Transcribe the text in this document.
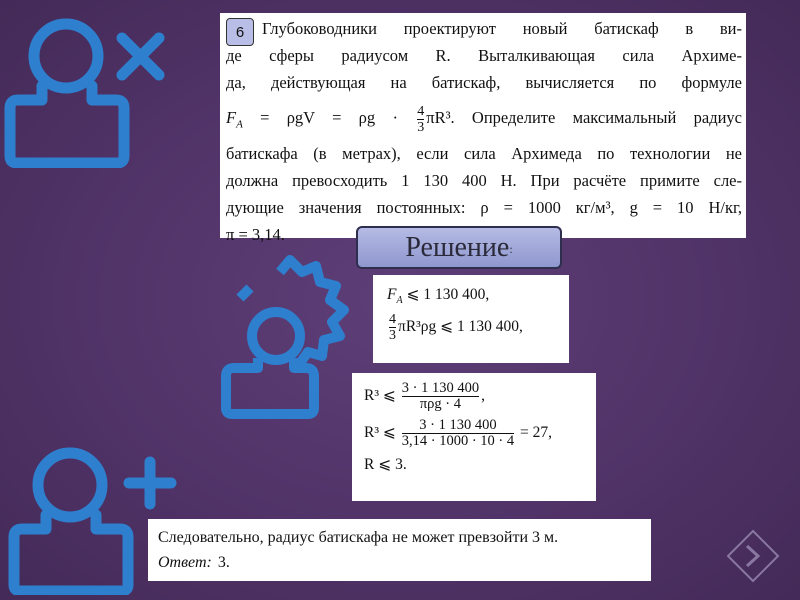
6	Глубоководники проектируют новый батискаф в ви-
де сферы радиусом R. Выталкивающая сила Архиме-
да, действующая на батискаф, вычисляется по формуле
$F_A = \rho gV = \rho g \cdot \frac{4}{3} \pi R^3$. Определите максимальный радиус
батискафа (в метрах), если сила Архимеда по технологии не
должна превосходить 1 130 400 Н. При расчёте примите сле-
дующие значения постоянных: ρ = 1000 кг/м³, g = 10 Н/кг,
π = 3,14.	Решение :
$F_A$ ⩽ 1 130 400,
$\frac{4}{3} \pi R^3\rho g$ ⩽ 1 130 400,
R³ ⩽ $\frac{3 \cdot 1 130 400}{\text{πρg · 4}}$ ,
R³ ⩽ $\frac{3 \cdot 1 130 400}{3,14 \cdot 1000 \cdot 10 \cdot 4} = 27$,
R ⩽ 3.
Следовательно, радиус батискафа не может превзойти 3 м.
Ответ: 3.
